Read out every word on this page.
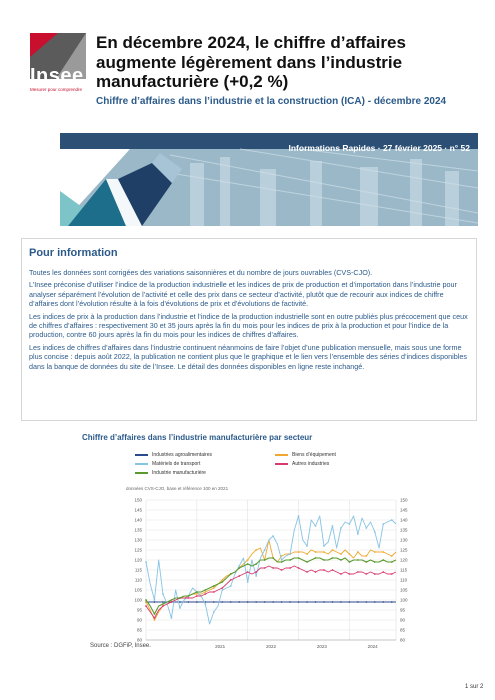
Insee
Mesurer pour comprendre
En décembre 2024, le chiffre d’affaires augmente légèrement dans l’industrie manufacturière (+0,2 %)
Chiffre d’affaires dans l’industrie et la construction (ICA) - décembre 2024
Informations Rapides · 27 février 2025 · n° 52
Pour information

Toutes les données sont corrigées des variations saisonnières et du nombre de jours ouvrables (CVS-CJO).

L’Insee préconise d’utiliser l’indice de la production industrielle et les indices de prix de production et d’importation dans l’industrie pour analyser séparément l’évolution de l’activité et celle des prix dans ce secteur d’activité, plutôt que de recourir aux indices de chiffre d’affaires dont l’évolution résulte à la fois d’évolutions de prix et d’évolutions de factivité.

Les indices de prix à la production dans l’industrie et l’indice de la production industrielle sont en outre publiés plus précocement que ceux de chiffres d’affaires : respectivement 30 et 35 jours après la fin du mois pour les indices de prix à la production et pour l’indice de la production, contre 60 jours après la fin du mois pour les indices de chiffres d’affaires.

Les indices de chiffres d’affaires dans l’industrie continuent néanmoins de faire l’objet d’une publication mensuelle, mais sous une forme plus concise : depuis août 2022, la publication ne contient plus que le graphique et le lien vers l’ensemble des séries d’indices disponibles dans la banque de données du site de l’Insee. Le détail des données disponibles en ligne reste inchangé.

Chiffre d’affaires dans l’industrie manufacturière par secteur
Industries agroalimentaires	Biens d’équipement
Matériels de transport	Autres industries
Industrie manufacturière
données CVS-CJO, base et référence 100 en 2021
80	80
85	85
90	90
95	95
100	100
105	105
110	110
115	115
120	120
125	125
130	130
135	135
140	140
145	145
150	150
2021	2022	2023	2024
Source : DGFiP, Insee.
1 sur 2
